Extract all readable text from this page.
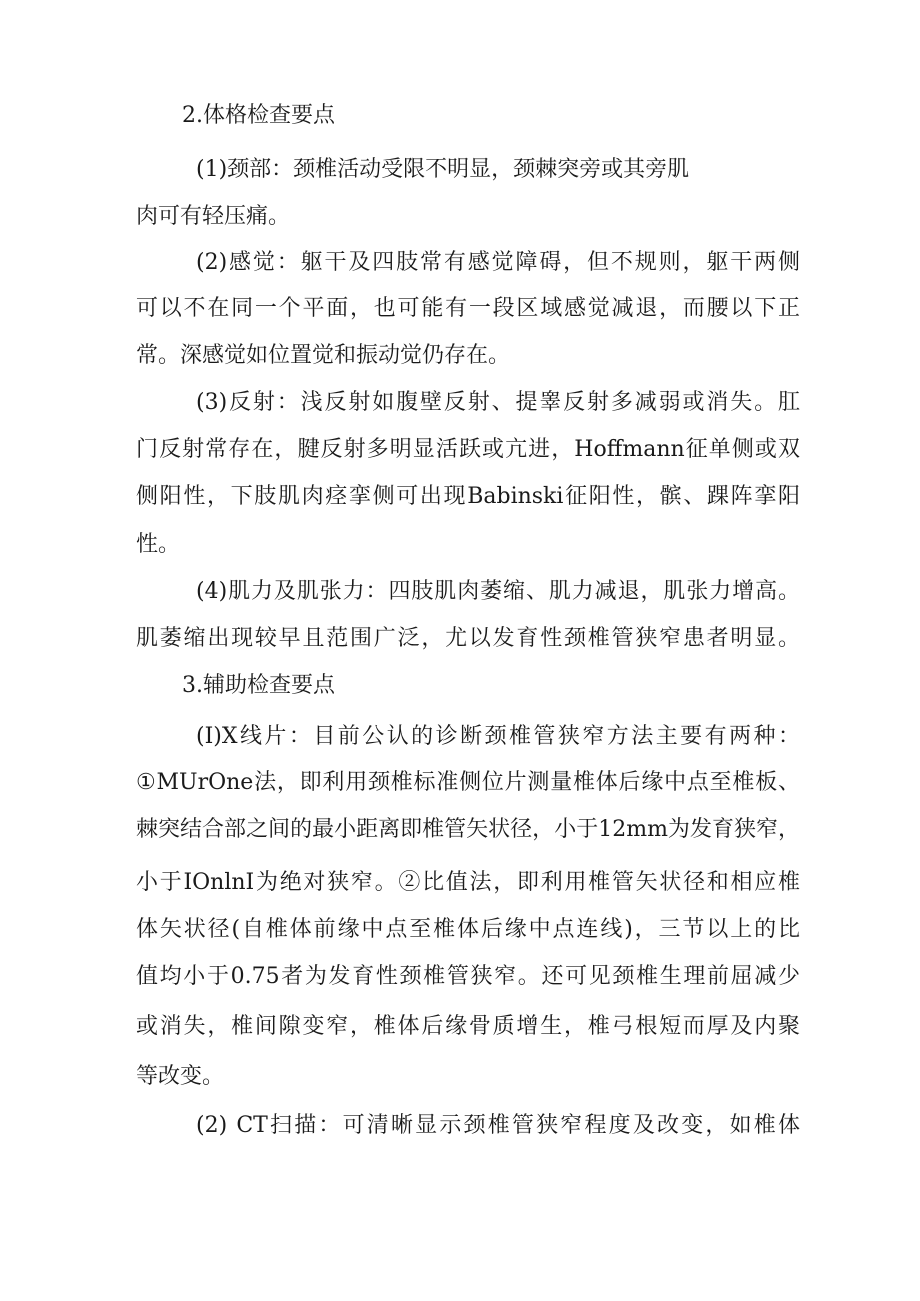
2.体格检查要点
(1)颈部：颈椎活动受限不明显，颈棘突旁或其旁肌
肉可有轻压痛。
(2)感觉：躯干及四肢常有感觉障碍，但不规则，躯干两侧
可以不在同一个平面，也可能有一段区域感觉减退，而腰以下正
常。深感觉如位置觉和振动觉仍存在。
(3)反射：浅反射如腹壁反射、提睾反射多减弱或消失。肛
门反射常存在，腱反射多明显活跃或亢进，Hoffmann征单侧或双
侧阳性，下肢肌肉痉挛侧可出现Babinski征阳性，髌、踝阵挛阳
性。
(4)肌力及肌张力：四肢肌肉萎缩、肌力减退，肌张力增高。
肌萎缩出现较早且范围广泛，尤以发育性颈椎管狭窄患者明显。
3.辅助检查要点
(I)X线片：目前公认的诊断颈椎管狭窄方法主要有两种：
①MUrOne法，即利用颈椎标准侧位片测量椎体后缘中点至椎板、
棘突结合部之间的最小距离即椎管矢状径，小于12mm为发育狭窄，
小于IOnlnI为绝对狭窄。②比值法，即利用椎管矢状径和相应椎
体矢状径(自椎体前缘中点至椎体后缘中点连线)，三节以上的比
值均小于0.75者为发育性颈椎管狭窄。还可见颈椎生理前屈减少
或消失，椎间隙变窄，椎体后缘骨质增生，椎弓根短而厚及内聚
等改变。
(2) CT扫描：可清晰显示颈椎管狭窄程度及改变，如椎体
